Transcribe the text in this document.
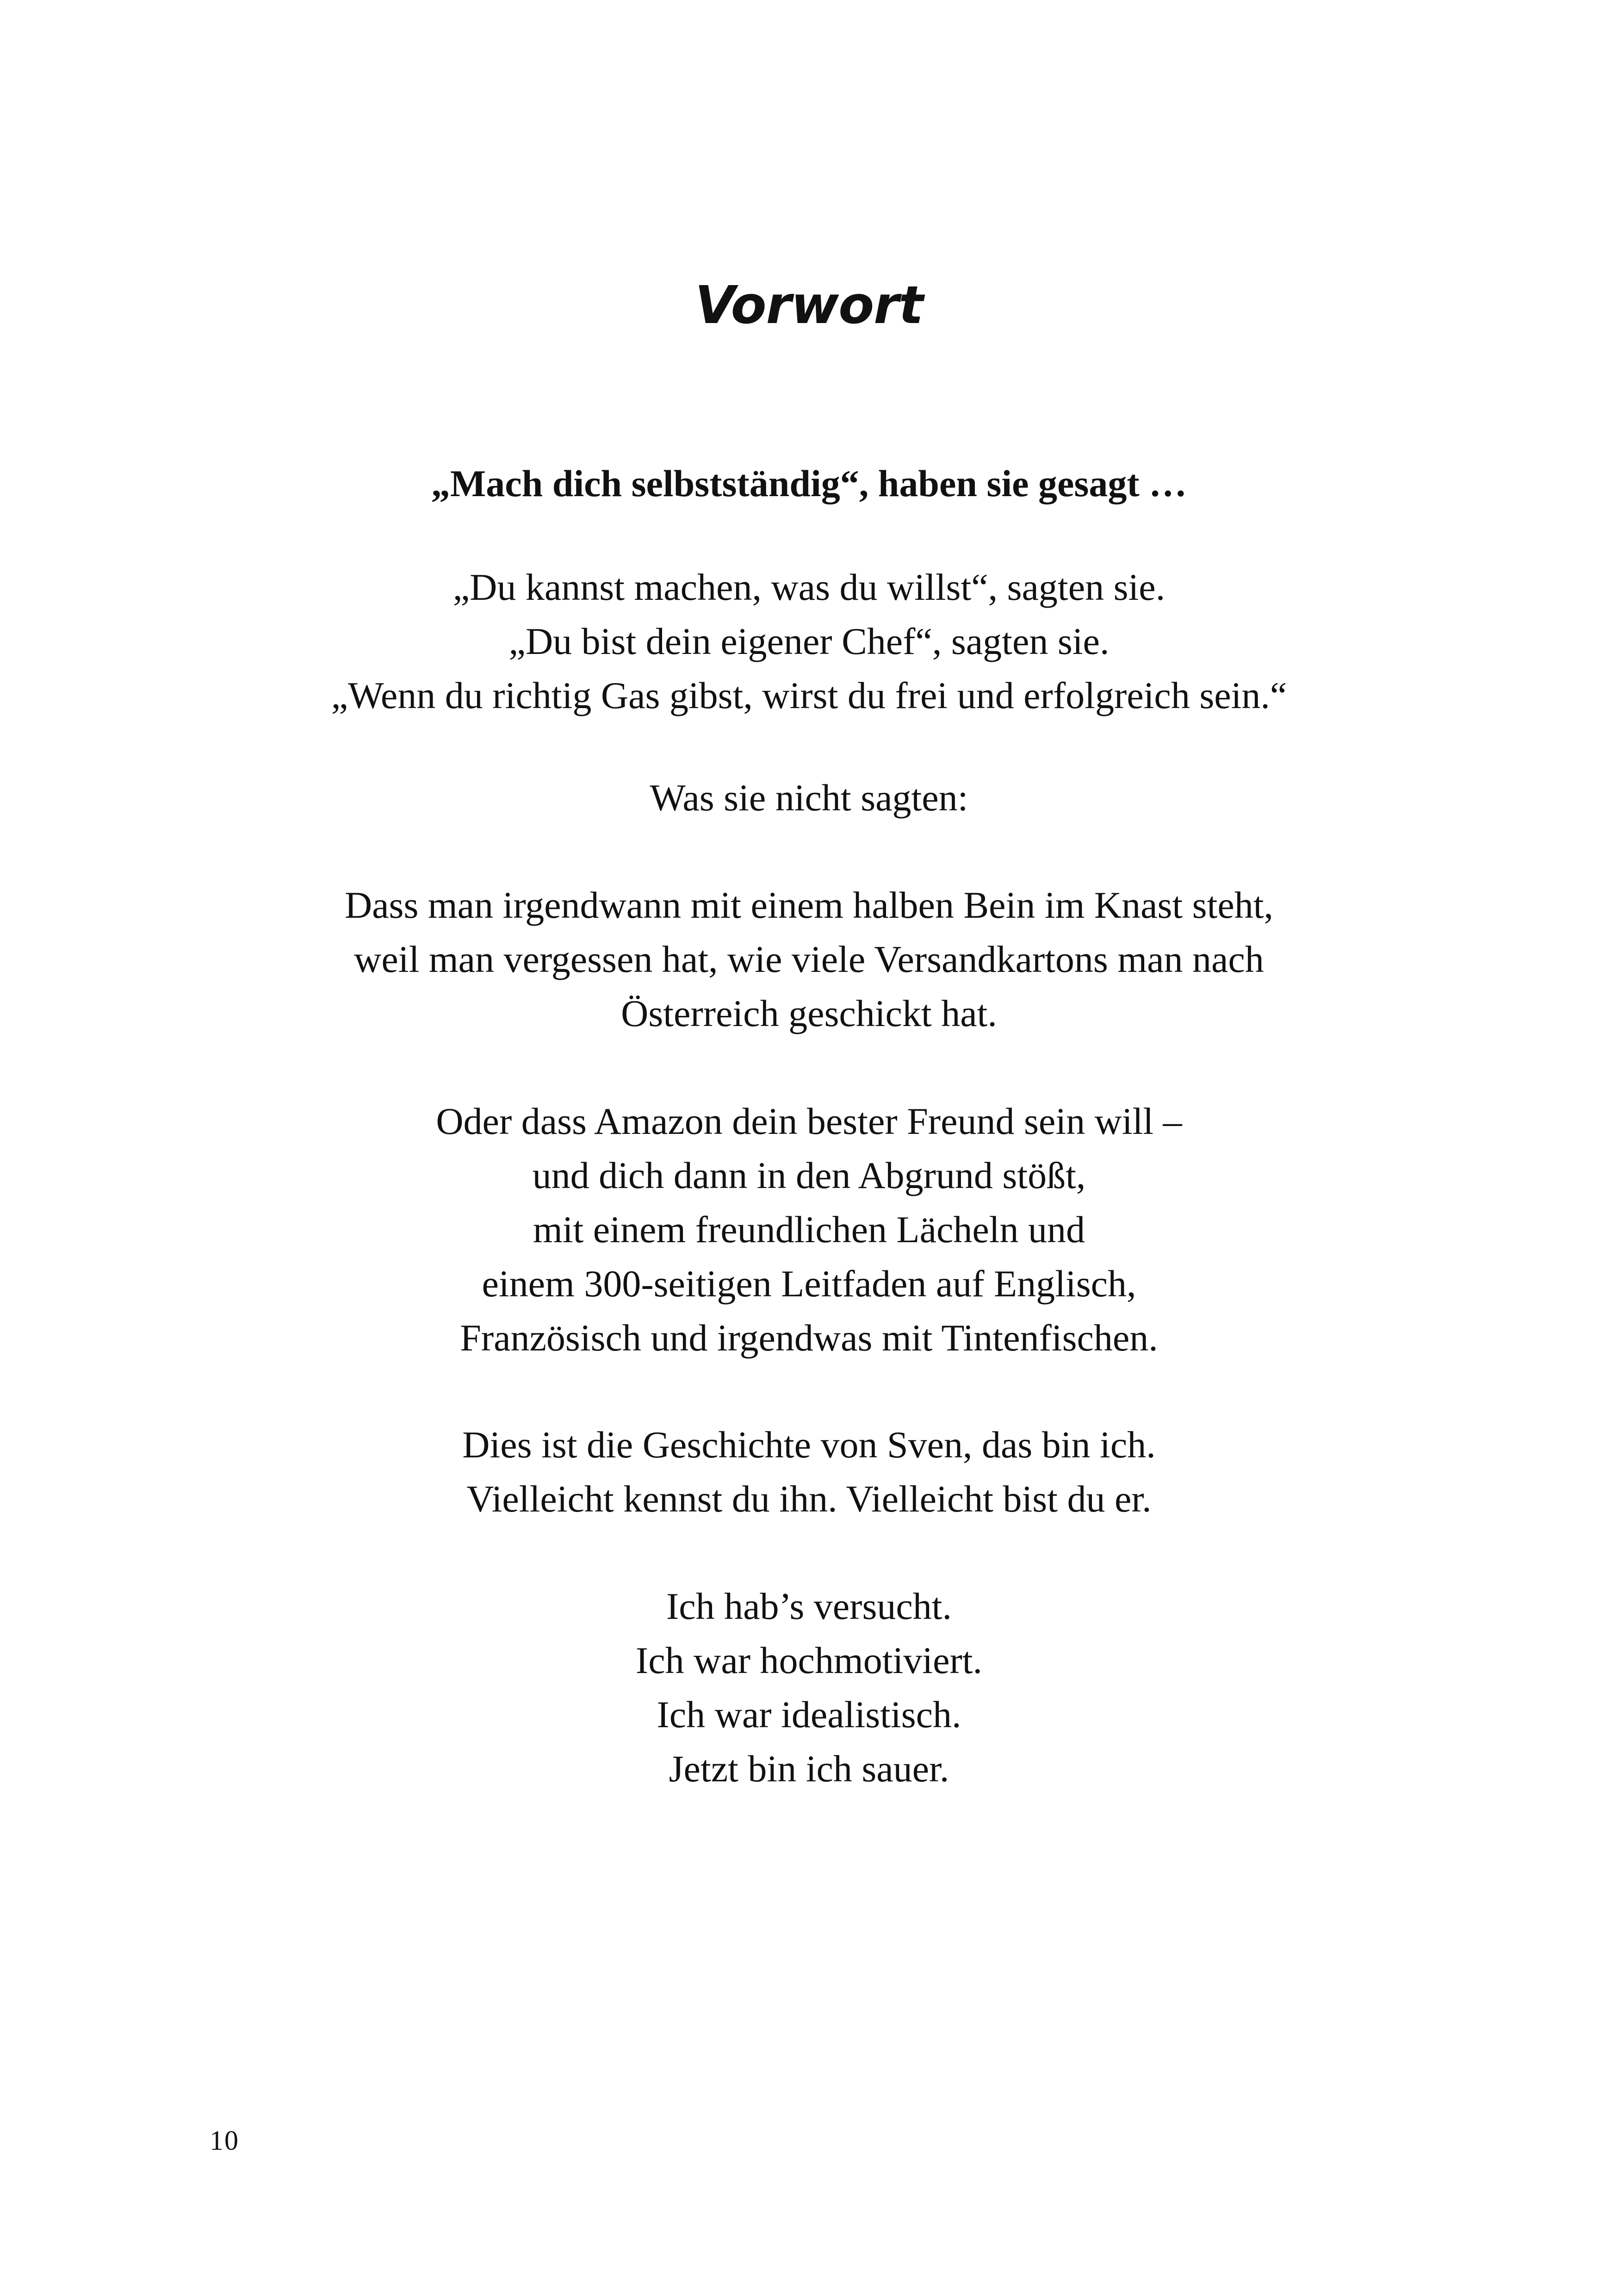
Vorwort

„Mach dich selbstständig“, haben sie gesagt …

„Du kannst machen, was du willst“, sagten sie.
„Du bist dein eigener Chef“, sagten sie.
„Wenn du richtig Gas gibst, wirst du frei und erfolgreich sein.“
Was sie nicht sagten:
Dass man irgendwann mit einem halben Bein im Knast steht,
weil man vergessen hat, wie viele Versandkartons man nach
Österreich geschickt hat.
Oder dass Amazon dein bester Freund sein will –
und dich dann in den Abgrund stößt,
mit einem freundlichen Lächeln und
einem 300-seitigen Leitfaden auf Englisch,
Französisch und irgendwas mit Tintenfischen.
Dies ist die Geschichte von Sven, das bin ich.
Vielleicht kennst du ihn. Vielleicht bist du er.
Ich hab’s versucht.
Ich war hochmotiviert.
Ich war idealistisch.
Jetzt bin ich sauer.
10
